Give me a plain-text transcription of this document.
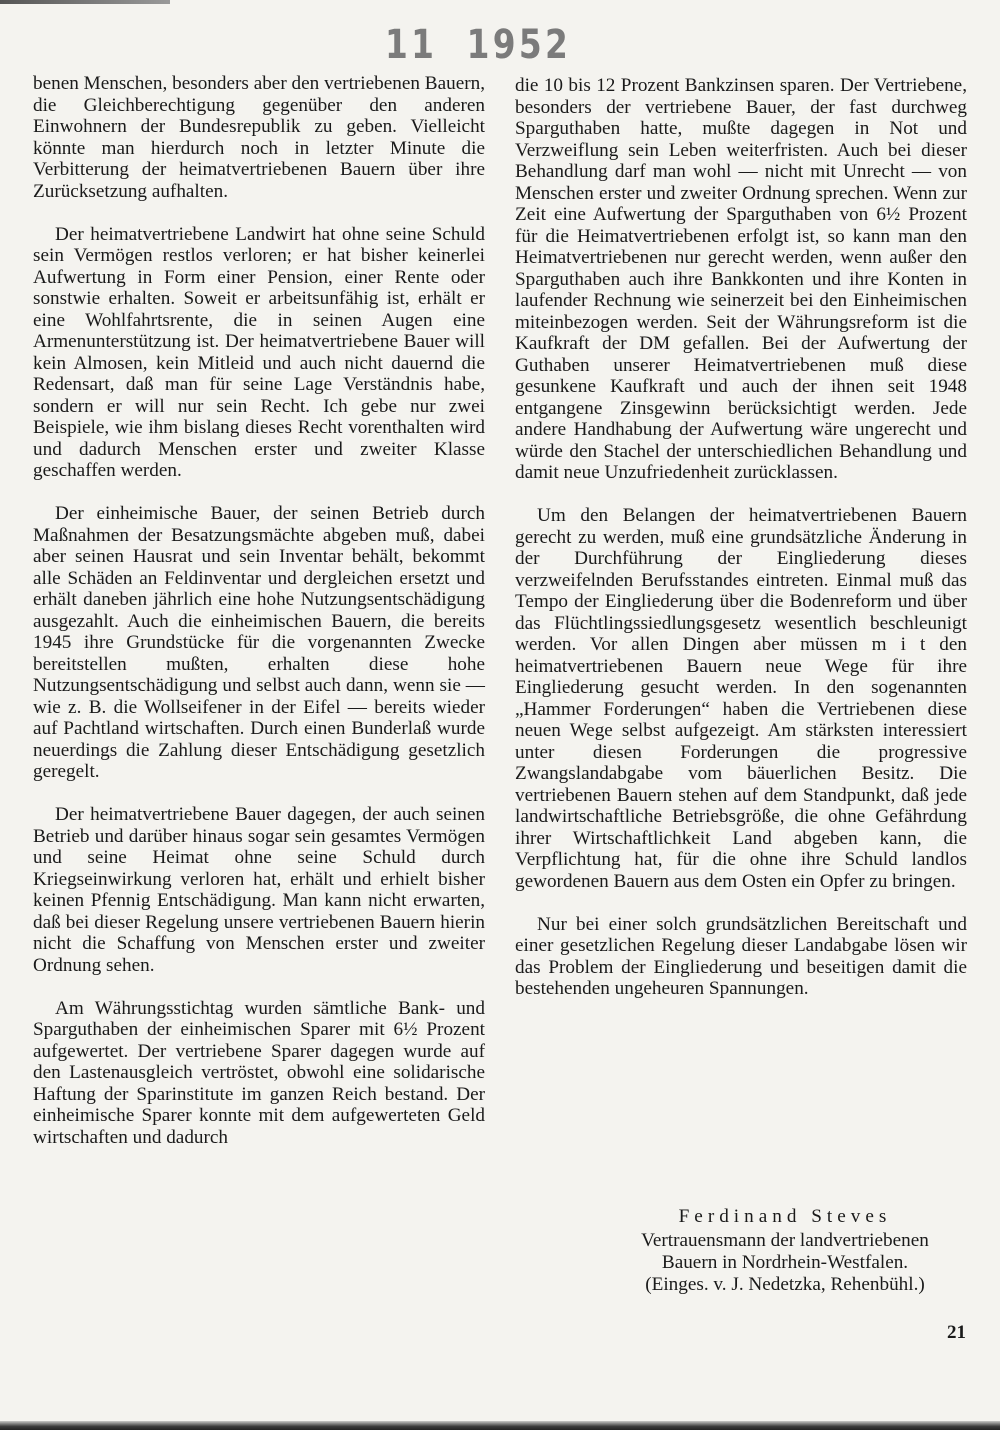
11 1952

benen Menschen, besonders aber den vertriebenen Bauern, die Gleichberechtigung gegenüber den anderen Einwohnern der Bundesrepublik zu geben. Vielleicht könnte man hierdurch noch in letzter Minute die Verbitterung der heimatvertriebenen Bauern über ihre Zurücksetzung aufhalten.

Der heimatvertriebene Landwirt hat ohne seine Schuld sein Vermögen restlos verloren; er hat bisher keinerlei Aufwertung in Form einer Pension, einer Rente oder sonstwie erhalten. Soweit er arbeitsunfähig ist, erhält er eine Wohlfahrtsrente, die in seinen Augen eine Armenunterstützung ist. Der heimatvertriebene Bauer will kein Almosen, kein Mitleid und auch nicht dauernd die Redensart, daß man für seine Lage Verständnis habe, sondern er will nur sein Recht. Ich gebe nur zwei Beispiele, wie ihm bislang dieses Recht vorenthalten wird und dadurch Menschen erster und zweiter Klasse geschaffen werden.

Der einheimische Bauer, der seinen Betrieb durch Maßnahmen der Besatzungsmächte abgeben muß, dabei aber seinen Hausrat und sein Inventar behält, bekommt alle Schäden an Feldinventar und dergleichen ersetzt und erhält daneben jährlich eine hohe Nutzungsentschädigung ausgezahlt. Auch die einheimischen Bauern, die bereits 1945 ihre Grundstücke für die vorgenannten Zwecke bereitstellen mußten, erhalten diese hohe Nutzungsentschädigung und selbst auch dann, wenn sie — wie z. B. die Wollseifener in der Eifel — bereits wieder auf Pachtland wirtschaften. Durch einen Bunderlaß wurde neuerdings die Zahlung dieser Entschädigung gesetzlich geregelt.

Der heimatvertriebene Bauer dagegen, der auch seinen Betrieb und darüber hinaus sogar sein gesamtes Vermögen und seine Heimat ohne seine Schuld durch Kriegseinwirkung verloren hat, erhält und erhielt bisher keinen Pfennig Entschädigung. Man kann nicht erwarten, daß bei dieser Regelung unsere vertriebenen Bauern hierin nicht die Schaffung von Menschen erster und zweiter Ordnung sehen.

Am Währungsstichtag wurden sämtliche Bank- und Sparguthaben der einheimischen Sparer mit 6½ Prozent aufgewertet. Der vertriebene Sparer dagegen wurde auf den Lastenausgleich vertröstet, obwohl eine solidarische Haftung der Sparinstitute im ganzen Reich bestand. Der einheimische Sparer konnte mit dem aufgewerteten Geld wirtschaften und dadurch

die 10 bis 12 Prozent Bankzinsen sparen. Der Vertriebene, besonders der vertriebene Bauer, der fast durchweg Sparguthaben hatte, mußte dagegen in Not und Verzweiflung sein Leben weiterfristen. Auch bei dieser Behandlung darf man wohl — nicht mit Unrecht — von Menschen erster und zweiter Ordnung sprechen. Wenn zur Zeit eine Aufwertung der Sparguthaben von 6½ Prozent für die Heimatvertriebenen erfolgt ist, so kann man den Heimatvertriebenen nur gerecht werden, wenn außer den Sparguthaben auch ihre Bankkonten und ihre Konten in laufender Rechnung wie seinerzeit bei den Einheimischen miteinbezogen werden. Seit der Währungsreform ist die Kaufkraft der DM gefallen. Bei der Aufwertung der Guthaben unserer Heimatvertriebenen muß diese gesunkene Kaufkraft und auch der ihnen seit 1948 entgangene Zinsgewinn berücksichtigt werden. Jede andere Handhabung der Aufwertung wäre ungerecht und würde den Stachel der unterschiedlichen Behandlung und damit neue Unzufriedenheit zurücklassen.

Um den Belangen der heimatvertriebenen Bauern gerecht zu werden, muß eine grundsätzliche Änderung in der Durchführung der Eingliederung dieses verzweifelnden Berufsstandes eintreten. Einmal muß das Tempo der Eingliederung über die Bodenreform und über das Flüchtlingssiedlungsgesetz wesentlich beschleunigt werden. Vor allen Dingen aber müssen m i t den heimatvertriebenen Bauern neue Wege für ihre Eingliederung gesucht werden. In den sogenannten „Hammer Forderungen“ haben die Vertriebenen diese neuen Wege selbst aufgezeigt. Am stärksten interessiert unter diesen Forderungen die progressive Zwangslandabgabe vom bäuerlichen Besitz. Die vertriebenen Bauern stehen auf dem Standpunkt, daß jede landwirtschaftliche Betriebsgröße, die ohne Gefährdung ihrer Wirtschaftlichkeit Land abgeben kann, die Verpflichtung hat, für die ohne ihre Schuld landlos gewordenen Bauern aus dem Osten ein Opfer zu bringen.

Nur bei einer solch grundsätzlichen Bereitschaft und einer gesetzlichen Regelung dieser Landabgabe lösen wir das Problem der Eingliederung und beseitigen damit die bestehenden ungeheuren Spannungen.

Ferdinand Steves
Vertrauensmann der landvertriebenen
Bauern in Nordrhein-Westfalen.
(Einges. v. J. Nedetzka, Rehenbühl.)
21
